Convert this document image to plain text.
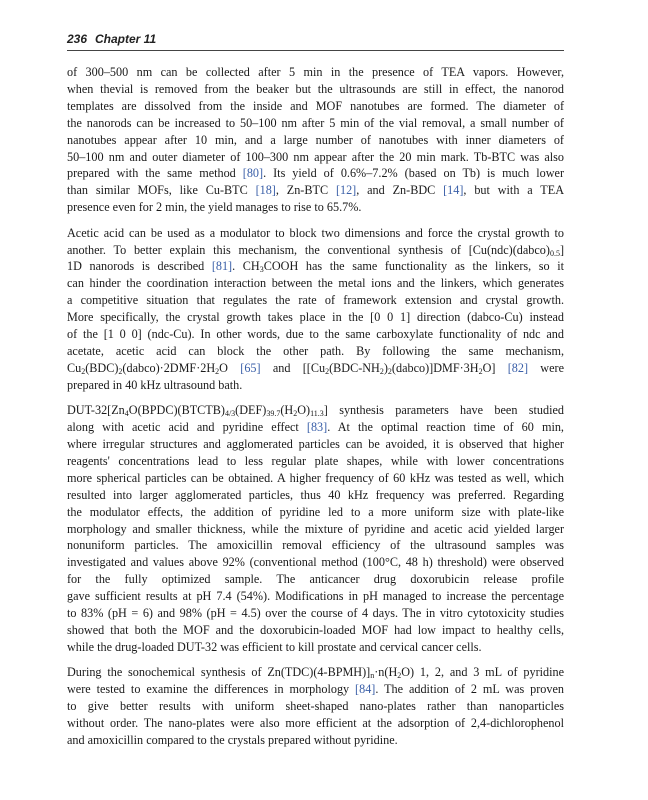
236 Chapter 11

of 300–500 nm can be collected after 5 min in the presence of TEA vapors. However,
when thevial is removed from the beaker but the ultrasounds are still in effect, the nanorod
templates are dissolved from the inside and MOF nanotubes are formed. The diameter of
the nanorods can be increased to 50–100 nm after 5 min of the vial removal, a small number of
nanotubes appear after 10 min, and a large number of nanotubes with inner diameters of
50–100 nm and outer diameter of 100–300 nm appear after the 20 min mark. Tb-BTC was also
prepared with the same method [80]. Its yield of 0.6%–7.2% (based on Tb) is much lower
than similar MOFs, like Cu-BTC [18], Zn-BTC [12], and Zn-BDC [14], but with a TEA
presence even for 2 min, the yield manages to rise to 65.7%.

Acetic acid can be used as a modulator to block two dimensions and force the crystal growth to
another. To better explain this mechanism, the conventional synthesis of $[Cu(ndc)(dabco)_{0.5}]$
1D nanorods is described [81]. $CH_3COOH$ has the same functionality as the linkers, so it
can hinder the coordination interaction between the metal ions and the linkers, which generates
a competitive situation that regulates the rate of framework extension and crystal growth.
More specifically, the crystal growth takes place in the [0 0 1] direction (dabco-Cu) instead
of the [1 0 0] (ndc-Cu). In other words, due to the same carboxylate functionality of ndc and
acetate, acetic acid can block the other path. By following the same mechanism,
$Cu_2(BDC)_2(dabco)\cdot 2DMF\cdot 2H_2O$ [65] and $[[Cu_2(BDC-NH_2)_2(dabco)]DMF\cdot 3H_2O]$ [82] were
prepared in 40 kHz ultrasound bath.

DUT-$32[Zn_4O(BPDC)(BTCTB)_{4/3}(DEF)_{39.7}(H_2O)_{11.3}]$ synthesis parameters have been studied
along with acetic acid and pyridine effect [83]. At the optimal reaction time of 60 min,
where irregular structures and agglomerated particles can be avoided, it is observed that higher
reagents' concentrations lead to less regular plate shapes, while with lower concentrations
more spherical particles can be obtained. A higher frequency of 60 kHz was tested as well, which
resulted into larger agglomerated particles, thus 40 kHz frequency was preferred. Regarding
the modulator effects, the addition of pyridine led to a more uniform size with plate-like
morphology and smaller thickness, while the mixture of pyridine and acetic acid yielded larger
nonuniform particles. The amoxicillin removal efficiency of the ultrasound samples was
investigated and values above 92% (conventional method (100°C, 48 h) threshold) were observed
for the fully optimized sample. The anticancer drug doxorubicin release profile
gave sufficient results at pH 7.4 (54%). Modifications in pH managed to increase the percentage
to 83% (pH = 6) and 98% (pH = 4.5) over the course of 4 days. The in vitro cytotoxicity studies
showed that both the MOF and the doxorubicin-loaded MOF had low impact to healthy cells,
while the drug-loaded DUT-32 was efficient to kill prostate and cervical cancer cells.

During the sonochemical synthesis of $Zn(TDC)(4-BPMH)]_n\cdot n(H_2O)$ 1, 2, and 3 mL of pyridine
were tested to examine the differences in morphology [84]. The addition of 2 mL was proven
to give better results with uniform sheet-shaped nano-plates rather than nanoparticles
without order. The nano-plates were also more efficient at the adsorption of 2,4-dichlorophenol
and amoxicillin compared to the crystals prepared without pyridine.
